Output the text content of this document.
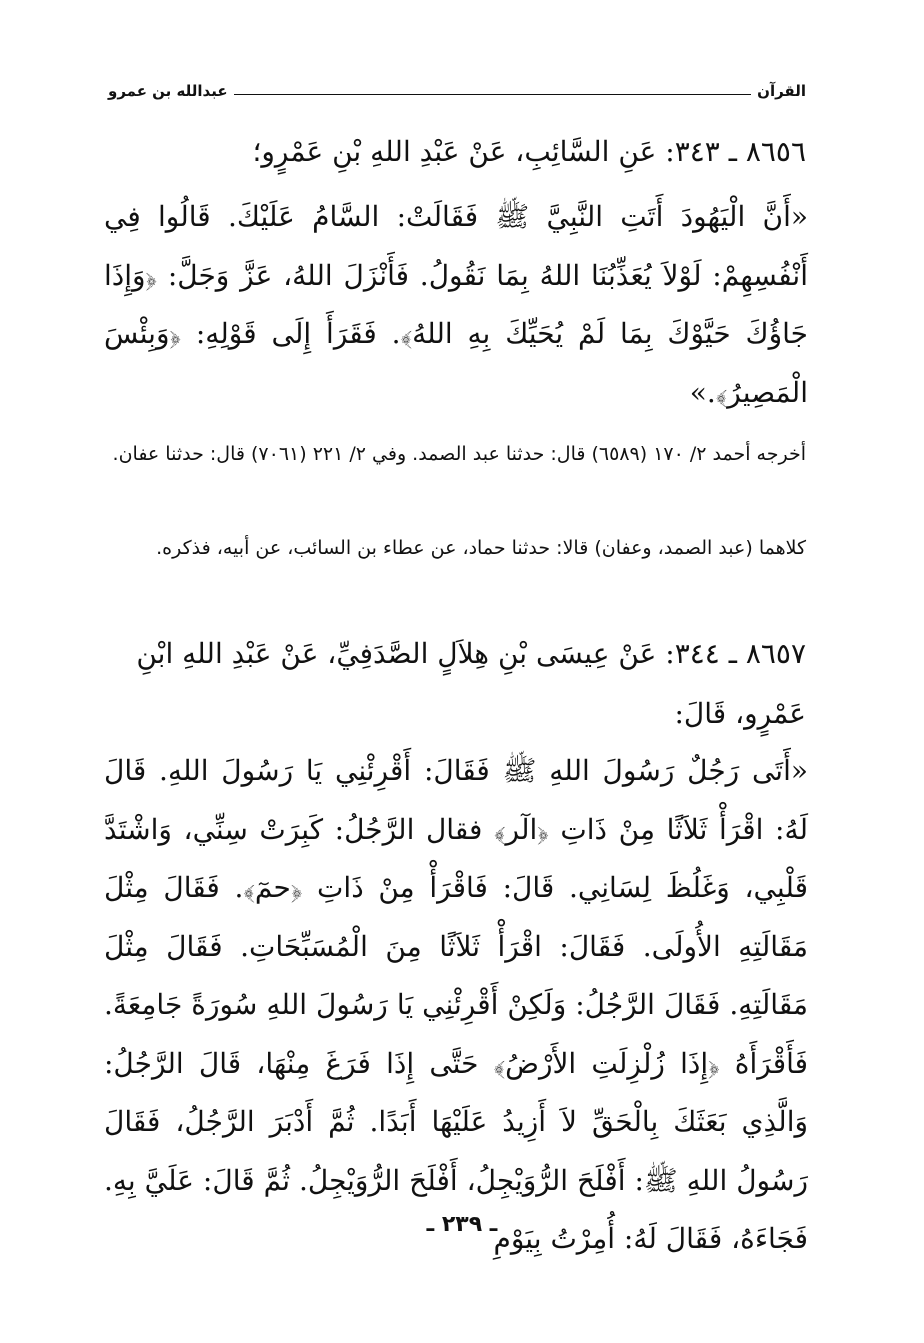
القرآن
عبدالله بن عمرو
٨٦٥٦ ـ ٣٤٣: عَنِ السَّائِبِ، عَنْ عَبْدِ اللهِ بْنِ عَمْرٍو؛
«أَنَّ الْيَهُودَ أَتَتِ النَّبِيَّ ﷺ فَقَالَتْ: السَّامُ عَلَيْكَ. قَالُوا فِي أَنْفُسِهِمْ: لَوْلاَ يُعَذِّبُنَا اللهُ بِمَا نَقُولُ. فَأَنْزَلَ اللهُ، عَزَّ وَجَلَّ: ﴿وَإِذَا جَاؤُكَ حَيَّوْكَ بِمَا لَمْ يُحَيِّكَ بِهِ اللهُ﴾. فَقَرَأَ إِلَى قَوْلِهِ: ﴿وَبِئْسَ الْمَصِيرُ﴾.»
أخرجه أحمد ٢/ ١٧٠ (٦٥٨٩) قال: حدثنا عبد الصمد. وفي ٢/ ٢٢١ (٧٠٦١) قال: حدثنا عفان.
كلاهما (عبد الصمد، وعفان) قالا: حدثنا حماد، عن عطاء بن السائب، عن أبيه، فذكره.
٨٦٥٧ ـ ٣٤٤: عَنْ عِيسَى بْنِ هِلاَلٍ الصَّدَفِيِّ، عَنْ عَبْدِ اللهِ ابْنِ عَمْرٍو، قَالَ:
«أَتَى رَجُلٌ رَسُولَ اللهِ ﷺ فَقَالَ: أَقْرِئْنِي يَا رَسُولَ اللهِ. قَالَ لَهُ: اقْرَأْ ثَلاَثًا مِنْ ذَاتِ ﴿الٓر﴾ فقال الرَّجُلُ: كَبِرَتْ سِنِّي، وَاشْتَدَّ قَلْبِي، وَغَلُظَ لِسَانِي. قَالَ: فَاقْرَأْ مِنْ ذَاتِ ﴿حمٓ﴾. فَقَالَ مِثْلَ مَقَالَتِهِ الأُولَى. فَقَالَ: اقْرَأْ ثَلاَثًا مِنَ الْمُسَبِّحَاتِ. فَقَالَ مِثْلَ مَقَالَتِهِ. فَقَالَ الرَّجُلُ: وَلَكِنْ أَقْرِئْنِي يَا رَسُولَ اللهِ سُورَةً جَامِعَةً. فَأَقْرَأَهُ ﴿إِذَا زُلْزِلَتِ الأَرْضُ﴾ حَتَّى إِذَا فَرَغَ مِنْهَا، قَالَ الرَّجُلُ: وَالَّذِي بَعَثَكَ بِالْحَقِّ لاَ أَزِيدُ عَلَيْهَا أَبَدًا. ثُمَّ أَدْبَرَ الرَّجُلُ، فَقَالَ رَسُولُ اللهِ ﷺ: أَفْلَحَ الرُّوَيْجِلُ، أَفْلَحَ الرُّوَيْجِلُ. ثُمَّ قَالَ: عَلَيَّ بِهِ. فَجَاءَهُ، فَقَالَ لَهُ: أُمِرْتُ بِيَوْمِ
ـ ٢٣٩ ـ
